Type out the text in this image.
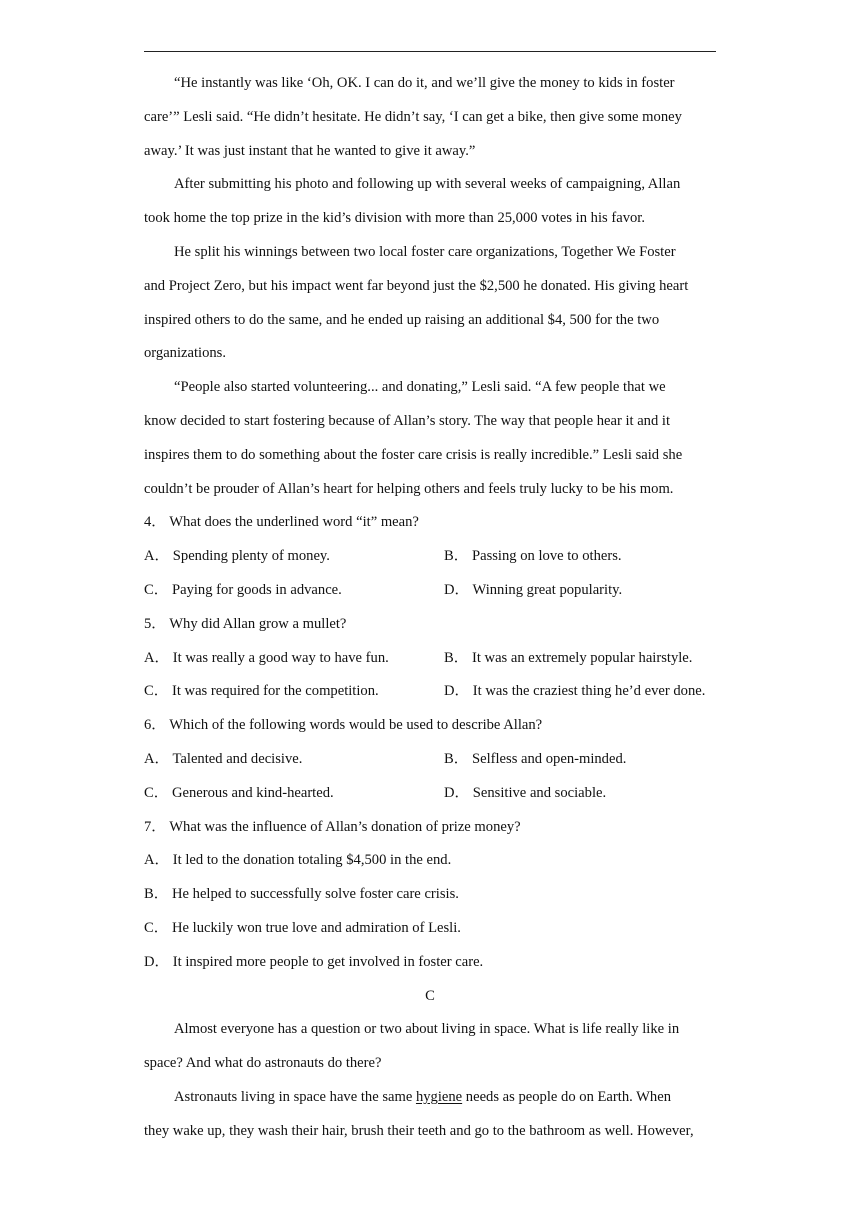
“He instantly was like ‘Oh, OK. I can do it, and we’ll give the money to kids in foster
care’” Lesli said. “He didn’t hesitate. He didn’t say, ‘I can get a bike, then give some money
away.’ It was just instant that he wanted to give it away.”
After submitting his photo and following up with several weeks of campaigning, Allan
took home the top prize in the kid’s division with more than 25,000 votes in his favor.
He split his winnings between two local foster care organizations, Together We Foster
and Project Zero, but his impact went far beyond just the $2,500 he donated. His giving heart
inspired others to do the same, and he ended up raising an additional $4, 500 for the two
organizations.
“People also started volunteering... and donating,” Lesli said. “A few people that we
know decided to start fostering because of Allan’s story. The way that people hear it and it
inspires them to do something about the foster care crisis is really incredible.” Lesli said she
couldn’t be prouder of Allan’s heart for helping others and feels truly lucky to be his mom.
4． What does the underlined word “it” mean?
A． Spending plenty of money.	B． Passing on love to others.
C． Paying for goods in advance.	D． Winning great popularity.
5． Why did Allan grow a mullet?
A． It was really a good way to have fun.	B． It was an extremely popular hairstyle.
C． It was required for the competition.	D． It was the craziest thing he’d ever done.
6． Which of the following words would be used to describe Allan?
A． Talented and decisive.	B． Selfless and open-minded.
C． Generous and kind-hearted.	D． Sensitive and sociable.
7． What was the influence of Allan’s donation of prize money?
A． It led to the donation totaling $4,500 in the end.
B． He helped to successfully solve foster care crisis.
C． He luckily won true love and admiration of Lesli.
D． It inspired more people to get involved in foster care.
C
Almost everyone has a question or two about living in space. What is life really like in
space? And what do astronauts do there?
Astronauts living in space have the same hygiene needs as people do on Earth. When
they wake up, they wash their hair, brush their teeth and go to the bathroom as well. However,
